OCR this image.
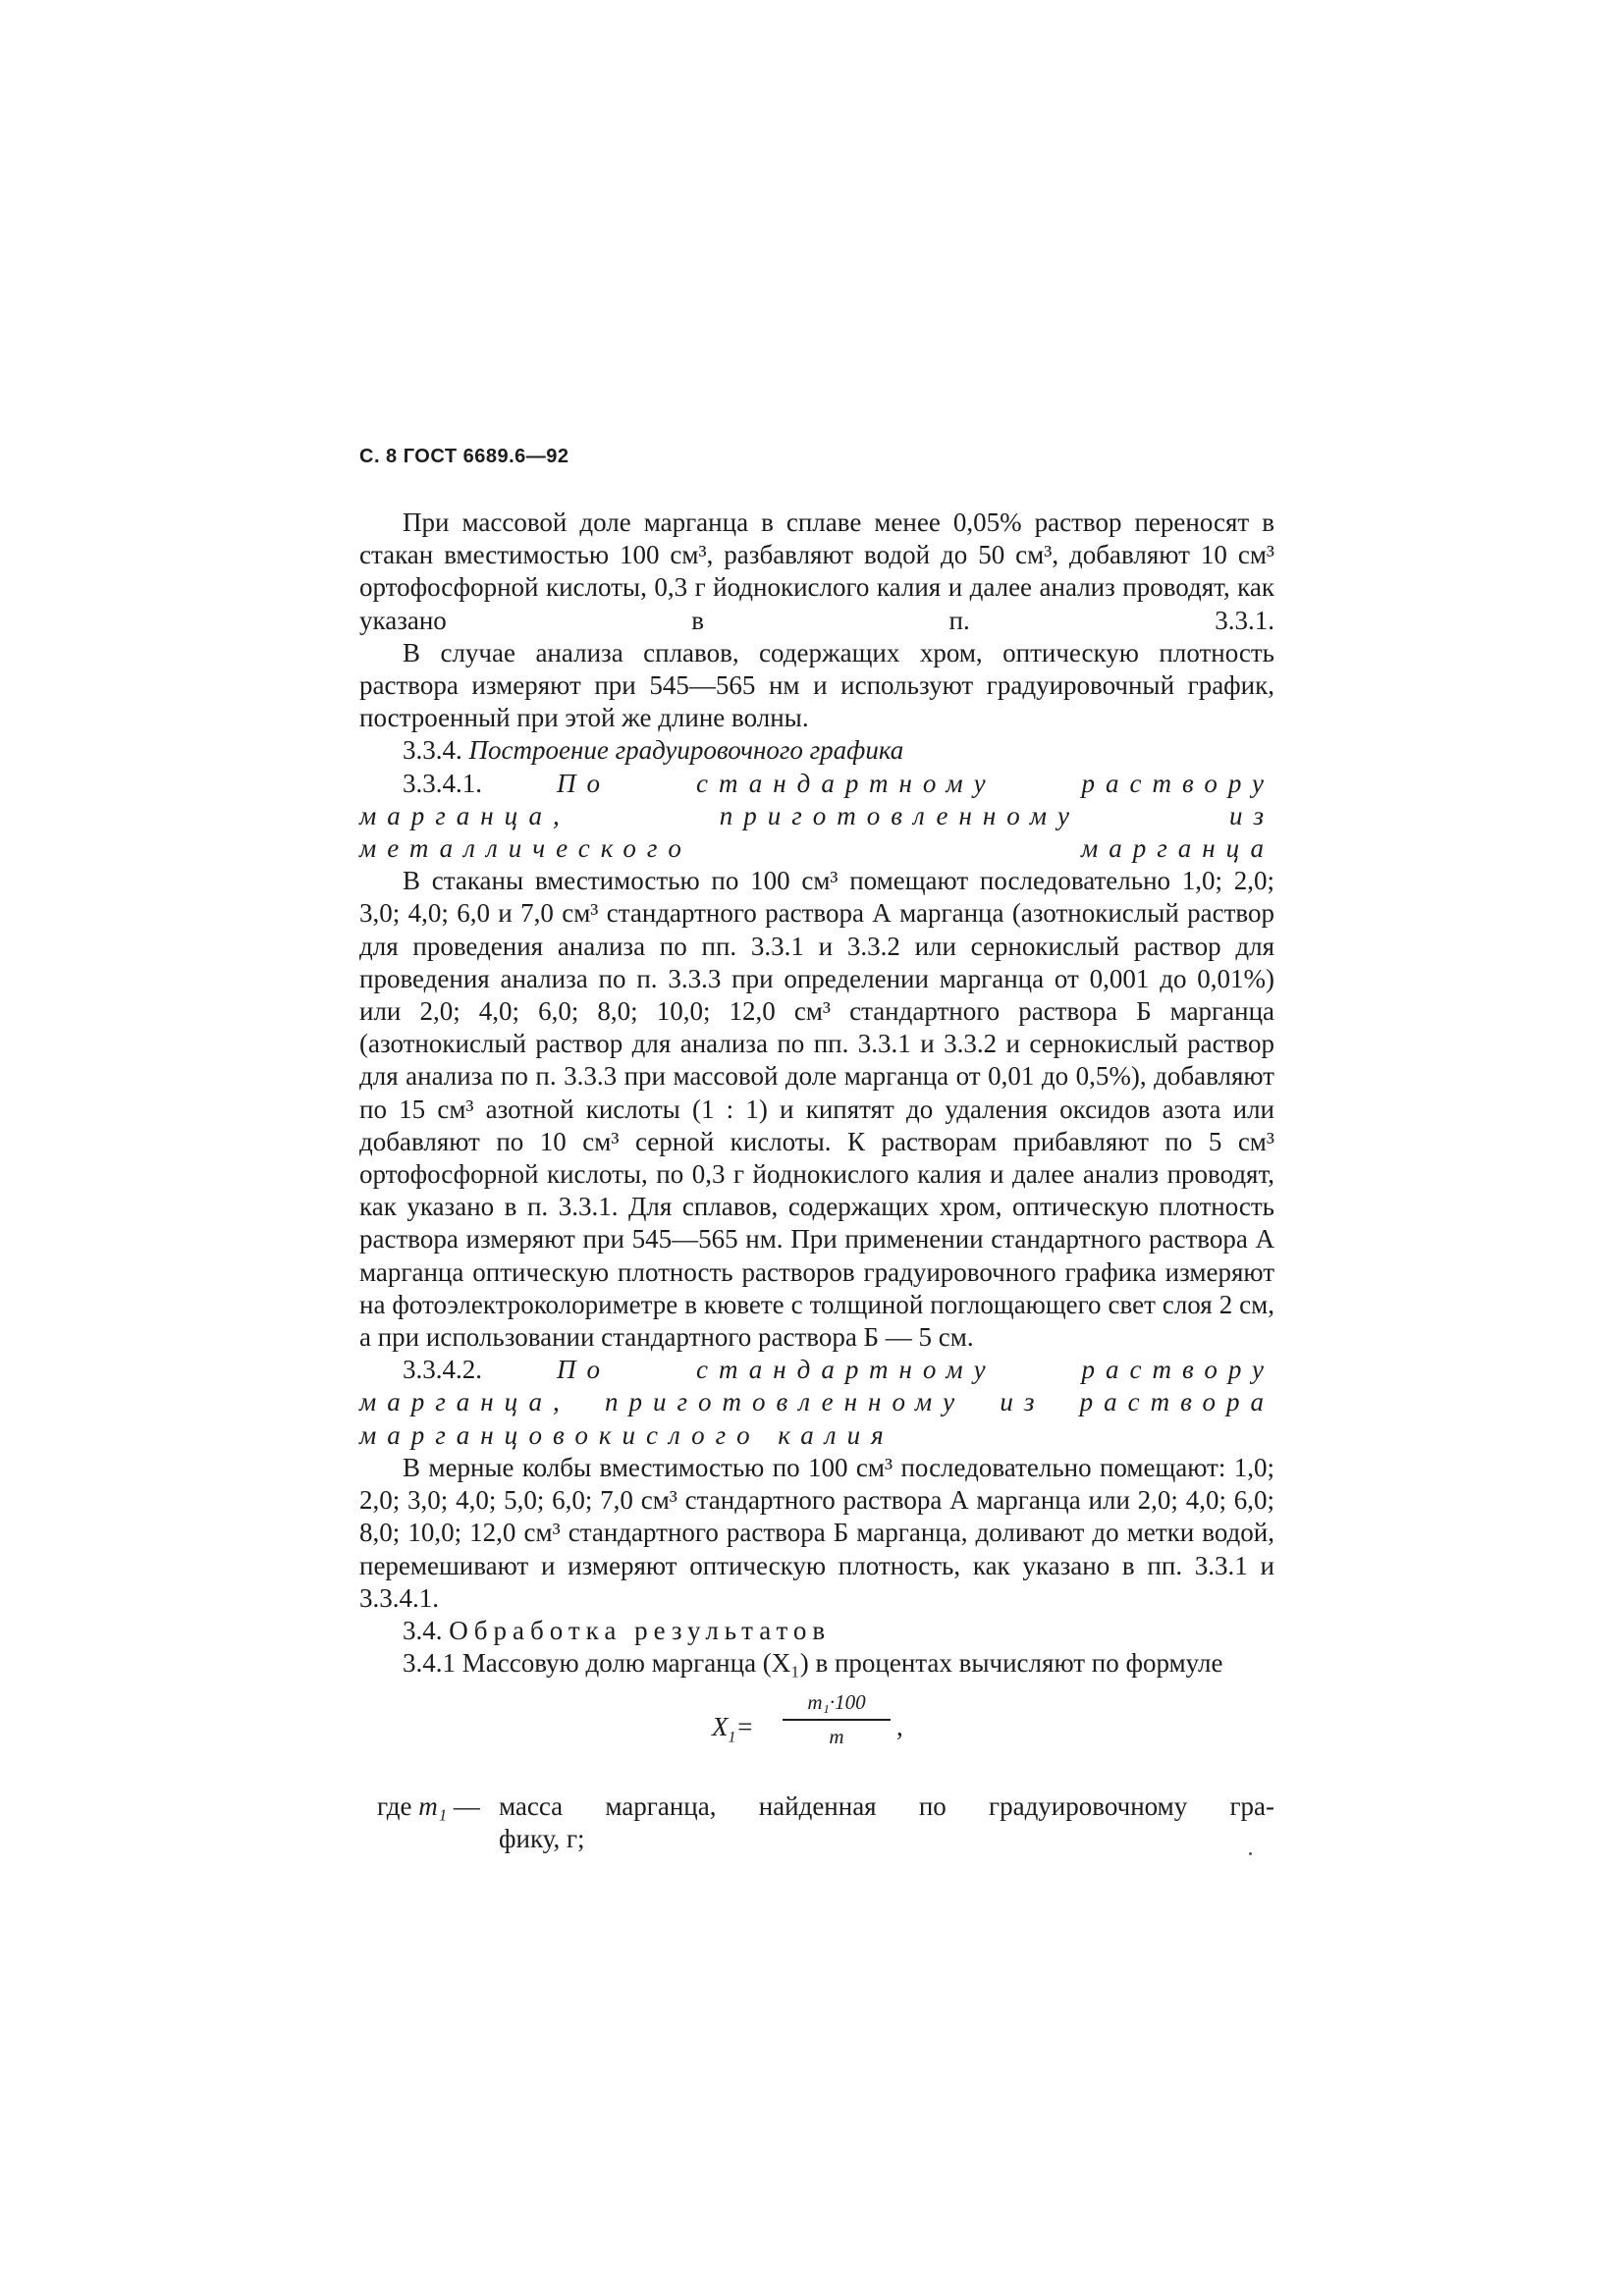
С. 8 ГОСТ 6689.6—92

При массовой доле марганца в сплаве менее 0,05% раствор переносят в стакан вместимостью 100 см³, разбавляют водой до 50 см³, добавляют 10 см³ ортофосфорной кислоты, 0,3 г йоднокислого калия и далее анализ проводят, как указано в п. 3.3.1.

В случае анализа сплавов, содержащих хром, оптическую плотность раствора измеряют при 545—565 нм и используют градуировочный график, построенный при этой же длине волны.

3.3.4. Построение градуировочного графика

3.3.4.1.	По стандартному раствору марганца, приготовленному из металлического марганца

В стаканы вместимостью по 100 см³ помещают последовательно 1,0; 2,0; 3,0; 4,0; 6,0 и 7,0 см³ стандартного раствора А марганца (азотнокислый раствор для проведения анализа по пп. 3.3.1 и 3.3.2 или сернокислый раствор для проведения анализа по п. 3.3.3 при определении марганца от 0,001 до 0,01%) или 2,0; 4,0; 6,0; 8,0; 10,0; 12,0 см³ стандартного раствора Б марганца (азотнокислый раствор для анализа по пп. 3.3.1 и 3.3.2 и сернокислый раствор для анализа по п. 3.3.3 при массовой доле марганца от 0,01 до 0,5%), добавляют по 15 см³ азотной кислоты (1 : 1) и кипятят до удаления оксидов азота или добавляют по 10 см³ серной кислоты. К растворам прибавляют по 5 см³ ортофосфорной кислоты, по 0,3 г йоднокислого калия и далее анализ проводят, как указано в п. 3.3.1. Для сплавов, содержащих хром, оптическую плотность раствора измеряют при 545—565 нм. При применении стандартного раствора А марганца оптическую плотность растворов градуировочного графика измеряют на фотоэлектроколориметре в кювете с толщиной поглощающего свет слоя 2 см, а при использовании стандартного раствора Б — 5 см.

3.3.4.2.	По стандартному раствору марганца, приготовленному из раствора марганцовокислого калия

В мерные колбы вместимостью по 100 см³ последовательно помещают: 1,0; 2,0; 3,0; 4,0; 5,0; 6,0; 7,0 см³ стандартного раствора А марганца или 2,0; 4,0; 6,0; 8,0; 10,0; 12,0 см³ стандартного раствора Б марганца, доливают до метки водой, перемешивают и измеряют оптическую плотность, как указано в пп. 3.3.1 и 3.3.4.1.

3.4. Обработка результатов

3.4.1 Массовую долю марганца (X₁) в процентах вычисляют по формуле

$X_1=$
m₁·100
m	,
где m₁ — масса марганца, найденная по градуировочному гра-
фику, г;
